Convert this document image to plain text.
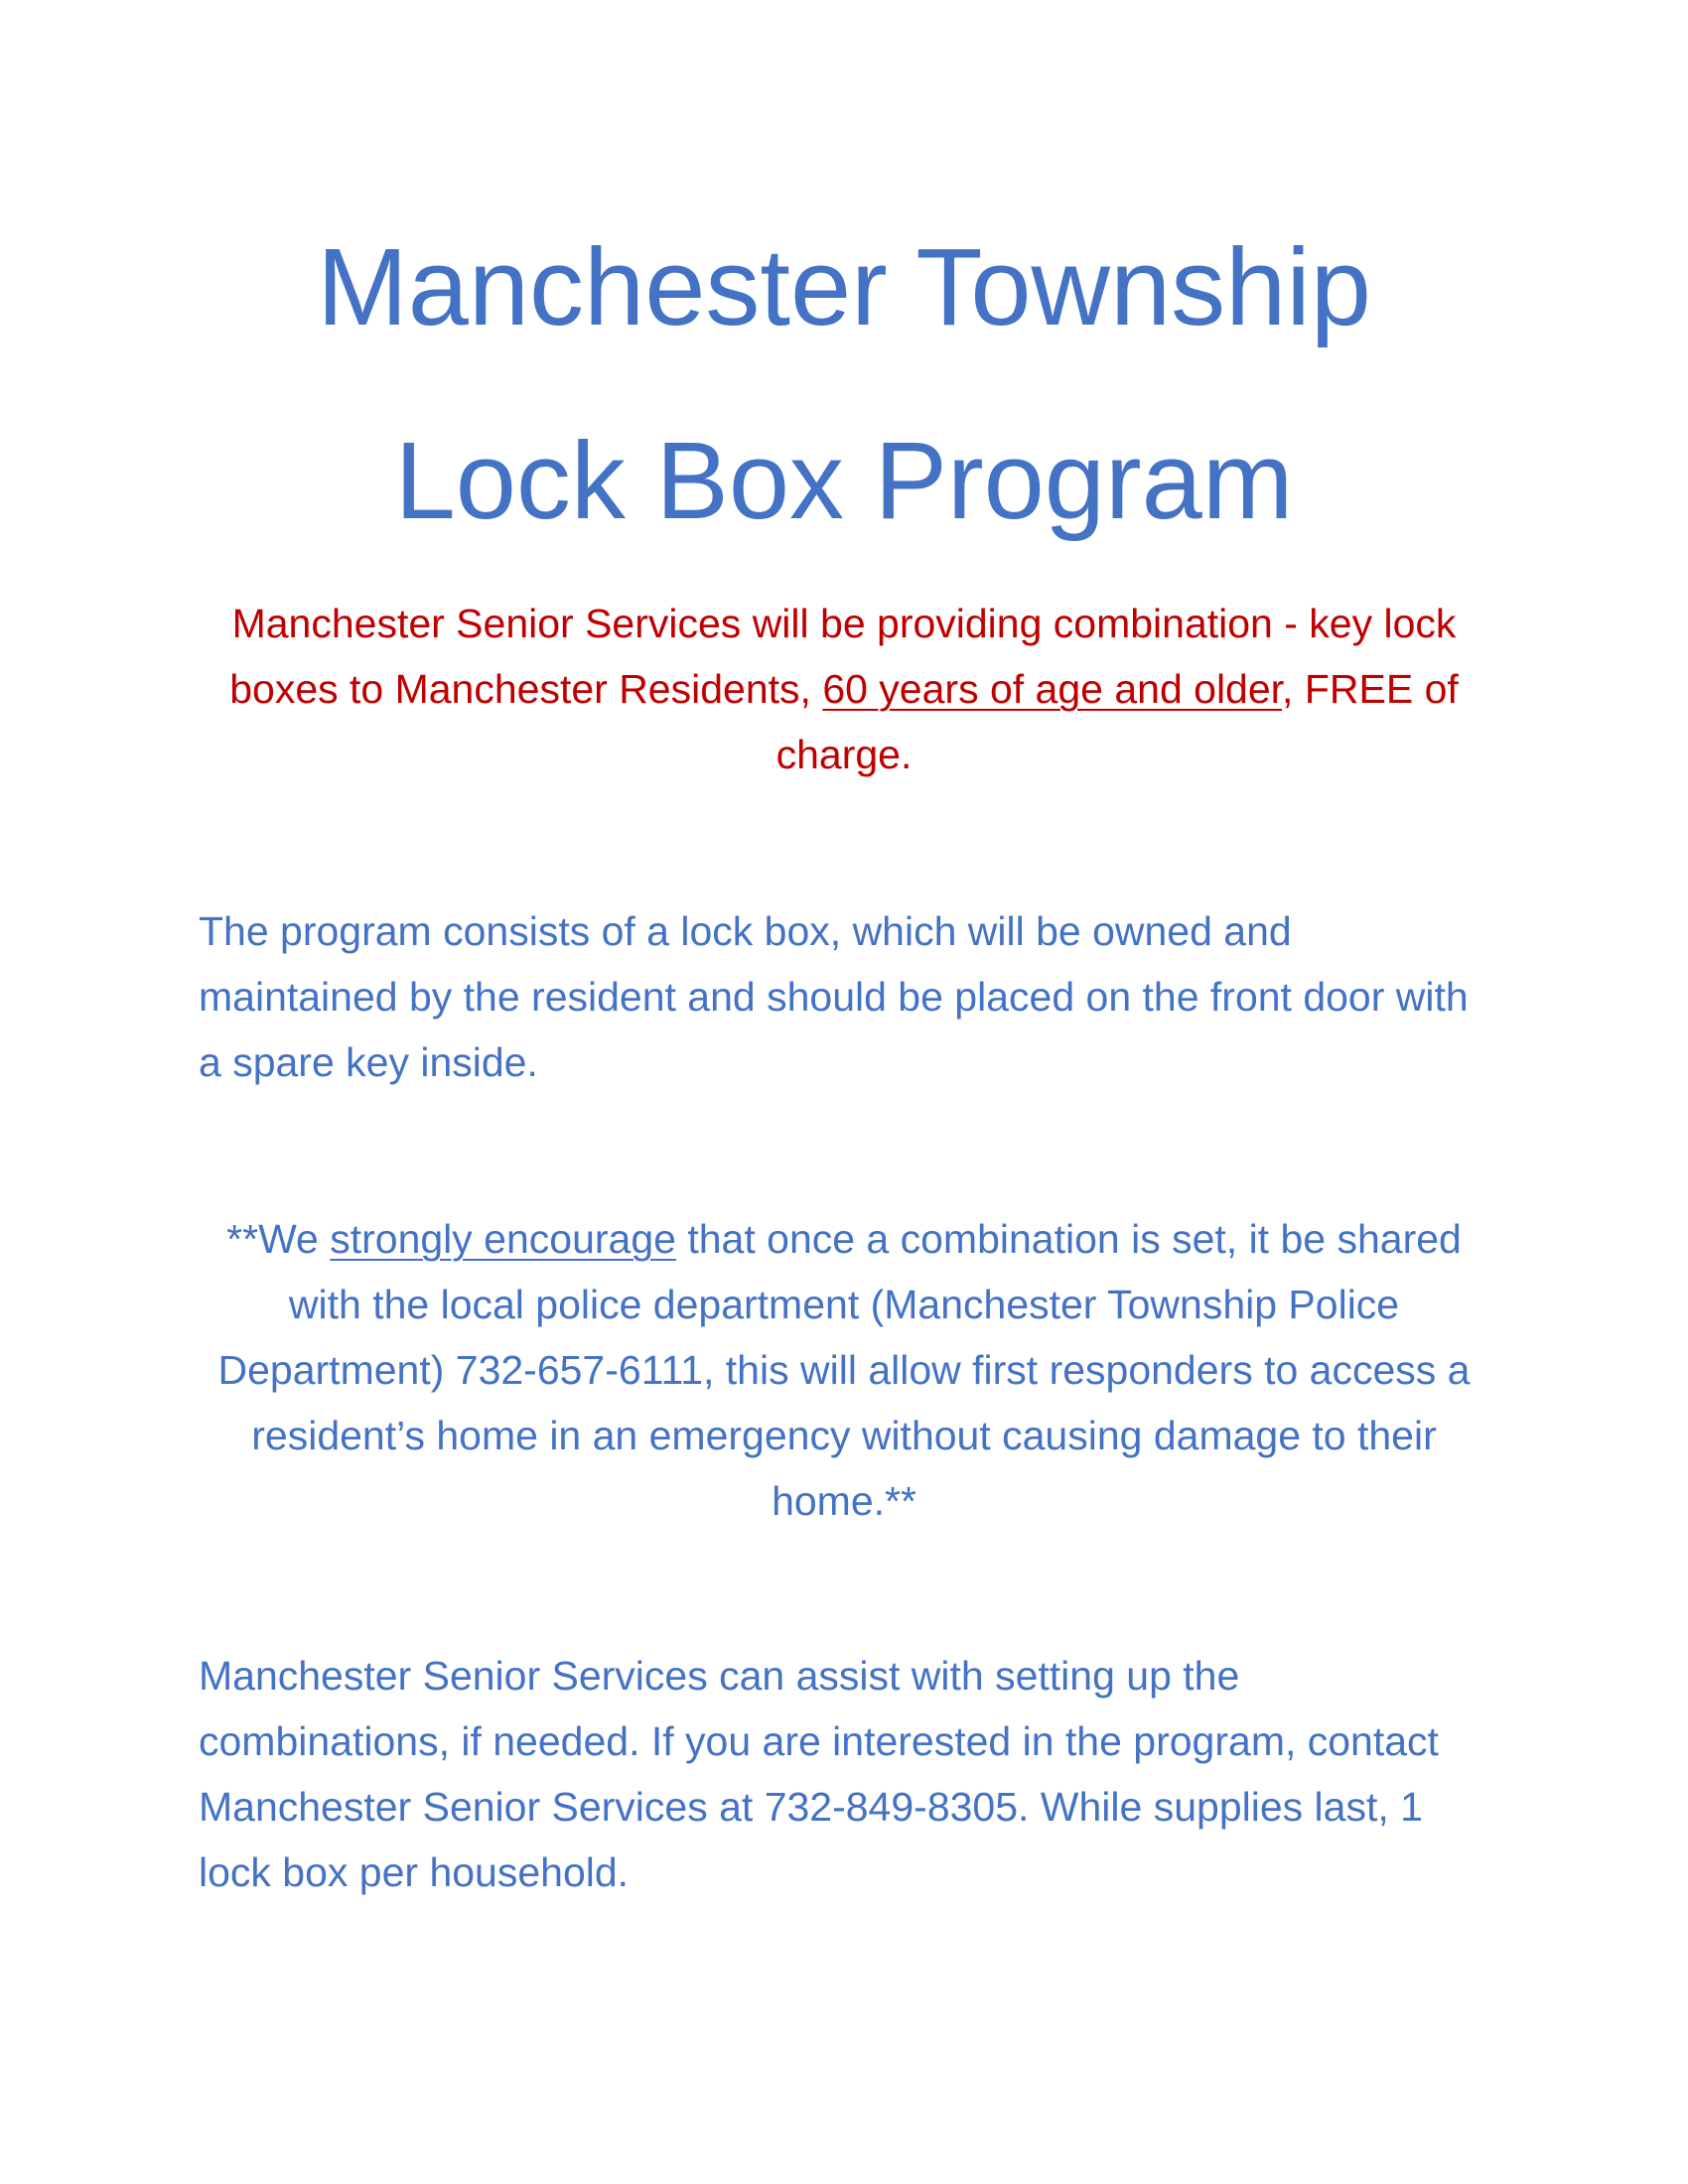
Manchester Township
Lock Box Program

Manchester Senior Services will be providing combination - key lock boxes to Manchester Residents, 60 years of age and older, FREE of charge.

The program consists of a lock box, which will be owned and maintained by the resident and should be placed on the front door with a spare key inside.

**We strongly encourage that once a combination is set, it be shared with the local police department (Manchester Township Police Department) 732-657-6111, this will allow first responders to access a resident’s home in an emergency without causing damage to their home.**

Manchester Senior Services can assist with setting up the combinations, if needed. If you are interested in the program, contact Manchester Senior Services at 732-849-8305. While supplies last, 1 lock box per household.
